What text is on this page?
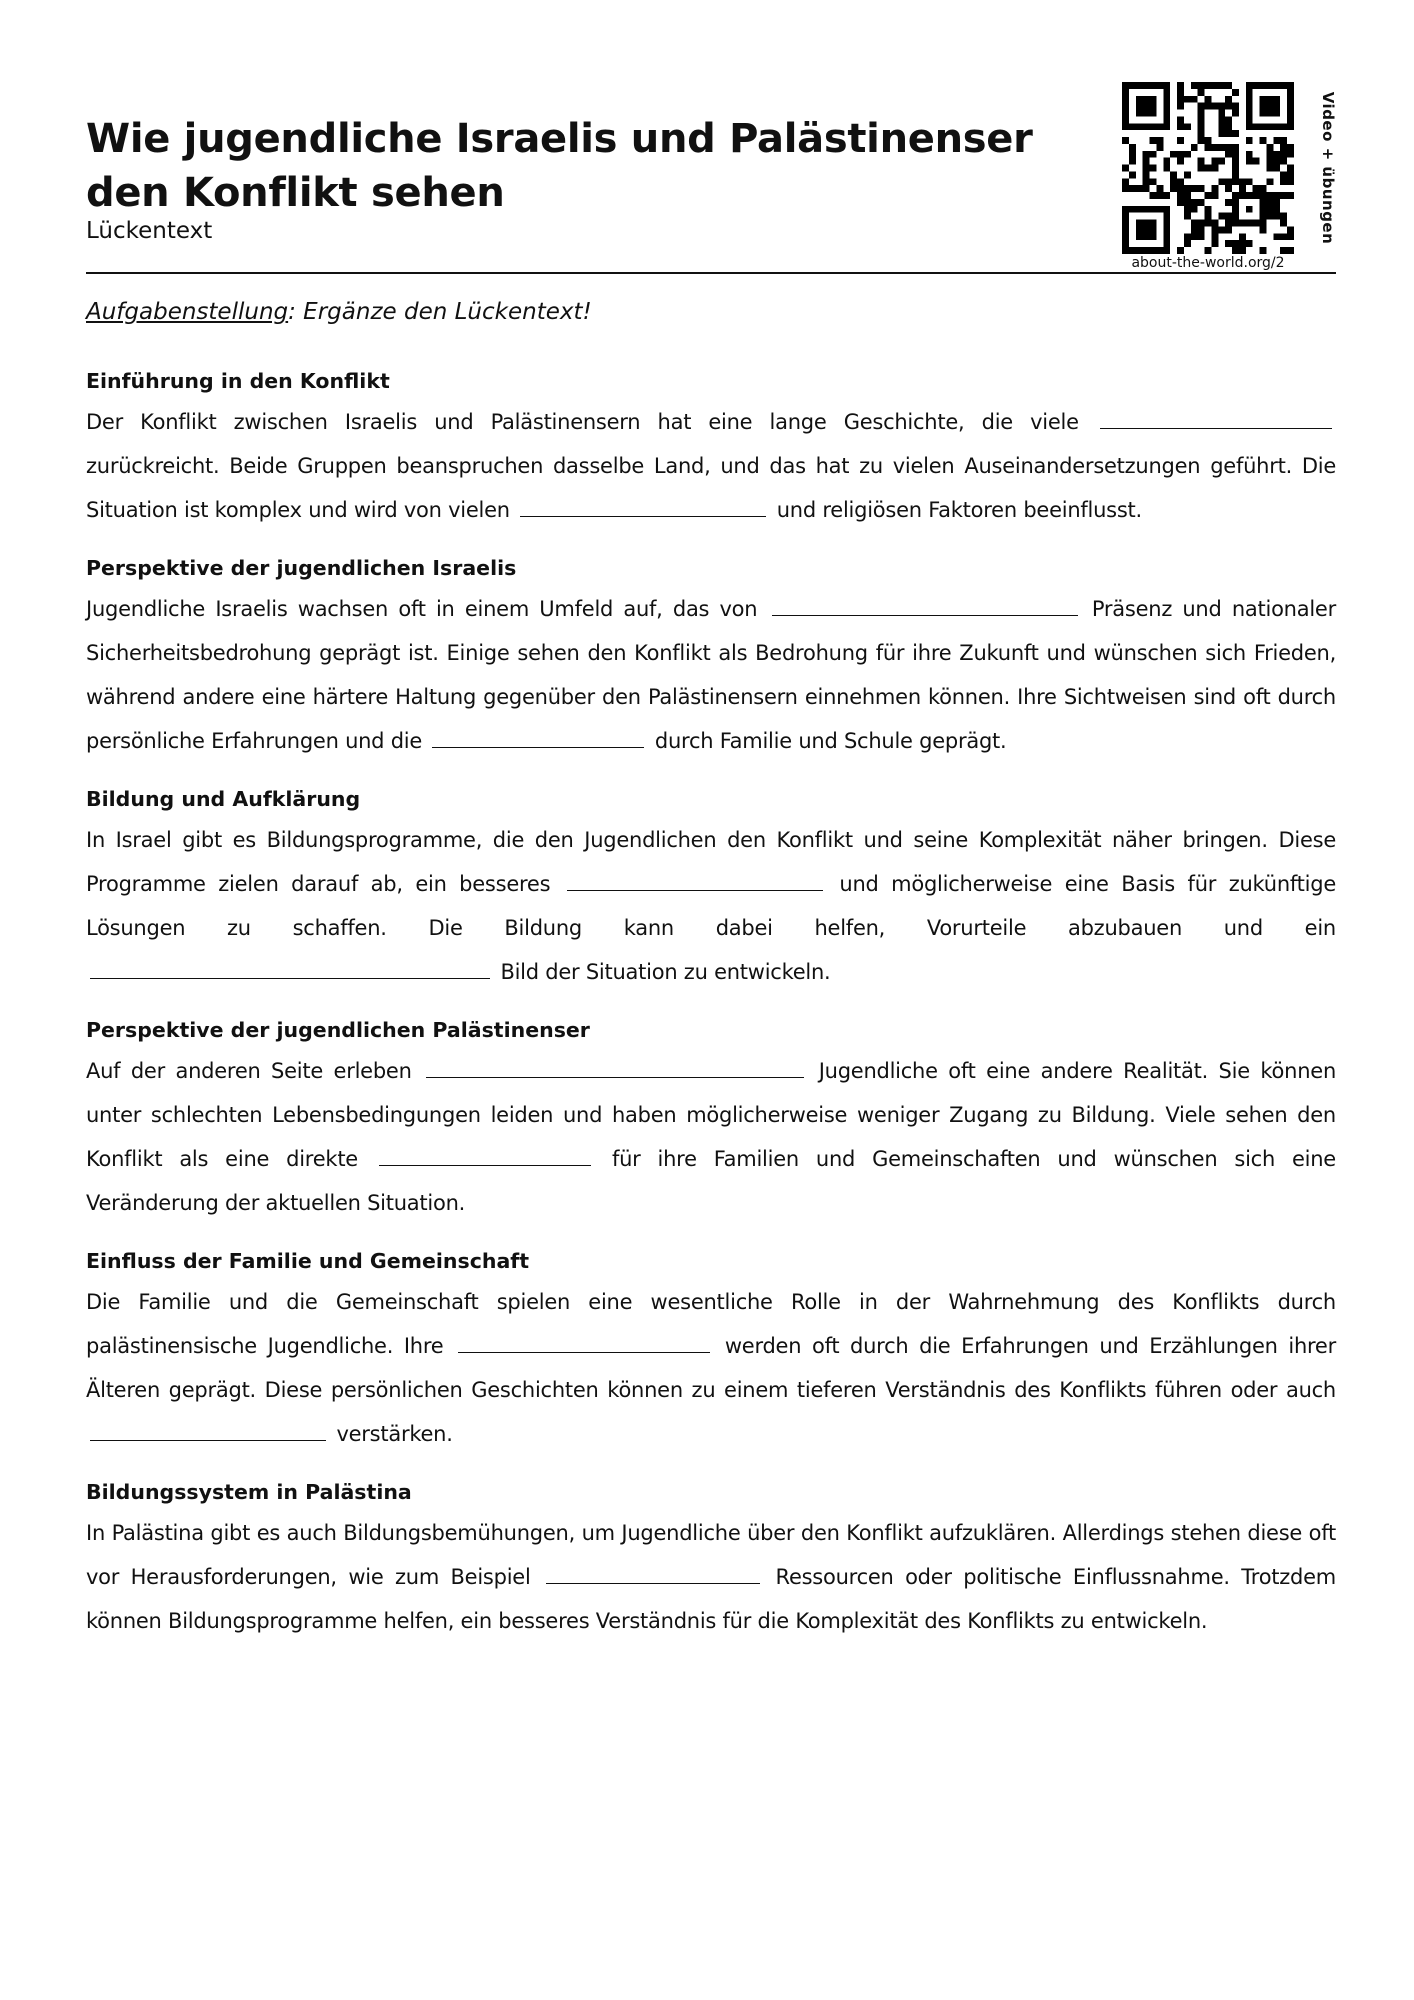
Wie jugendliche Israelis und Palästinenser den Konflikt sehen
Lückentext
about-the-world.org/2
Video + übungen
Aufgabenstellung: Ergänze den Lückentext!
Einführung in den Konflikt

Der Konflikt zwischen Israelis und Palästinensern hat eine lange Geschichte, die viele  zurückreicht. Beide Gruppen beanspruchen dasselbe Land, und das hat zu vielen Auseinandersetzungen geführt. Die Situation ist komplex und wird von vielen	und religiösen Faktoren beeinflusst.

Perspektive der jugendlichen Israelis

Jugendliche Israelis wachsen oft in einem Umfeld auf, das von	Präsenz und nationaler Sicherheitsbedrohung geprägt ist. Einige sehen den Konflikt als Bedrohung für ihre Zukunft und wünschen sich Frieden, während andere eine härtere Haltung gegenüber den Palästinensern einnehmen können. Ihre Sichtweisen sind oft durch persönliche Erfahrungen und die	durch Familie und Schule geprägt.

Bildung und Aufklärung

In Israel gibt es Bildungsprogramme, die den Jugendlichen den Konflikt und seine Komplexität näher bringen. Diese Programme zielen darauf ab, ein besseres	und möglicherweise eine Basis für zukünftige Lösungen zu schaffen. Die Bildung kann dabei helfen, Vorurteile abzubauen und ein  Bild der Situation zu entwickeln.

Perspektive der jugendlichen Palästinenser

Auf der anderen Seite erleben	Jugendliche oft eine andere Realität. Sie können unter schlechten Lebensbedingungen leiden und haben möglicherweise weniger Zugang zu Bildung. Viele sehen den Konflikt als eine direkte	für ihre Familien und Gemeinschaften und wünschen sich eine Veränderung der aktuellen Situation.

Einfluss der Familie und Gemeinschaft

Die Familie und die Gemeinschaft spielen eine wesentliche Rolle in der Wahrnehmung des Konflikts durch palästinensische Jugendliche. Ihre	werden oft durch die Erfahrungen und Erzählungen ihrer Älteren geprägt. Diese persönlichen Geschichten können zu einem tieferen Verständnis des Konflikts führen oder auch  verstärken.

Bildungssystem in Palästina

In Palästina gibt es auch Bildungsbemühungen, um Jugendliche über den Konflikt aufzuklären. Allerdings stehen diese oft vor Herausforderungen, wie zum Beispiel	Ressourcen oder politische Einflussnahme. Trotzdem können Bildungsprogramme helfen, ein besseres Verständnis für die Komplexität des Konflikts zu entwickeln.
